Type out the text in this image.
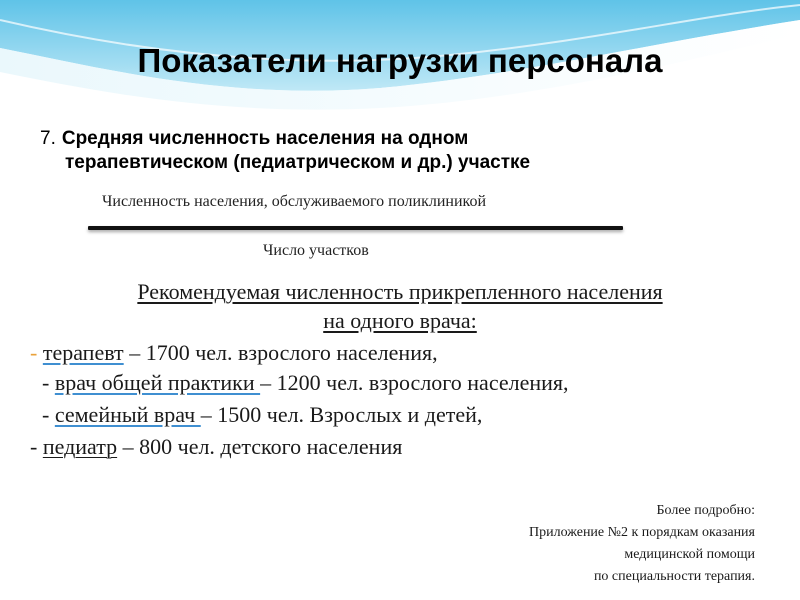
Показатели нагрузки персонала
7. Средняя численность населения на одном
терапевтическом (педиатрическом и др.) участке
Численность населения, обслуживаемого поликлиникой
Число участков
Рекомендуемая численность прикрепленного населения
на одного врача:
- терапевт – 1700 чел. взрослого населения,
- врач общей практики – 1200 чел. взрослого населения,
- семейный врач – 1500 чел. Взрослых и детей,
- педиатр – 800 чел. детского населения
Более подробно:
Приложение №2 к порядкам оказания
медицинской помощи
по специальности терапия.
